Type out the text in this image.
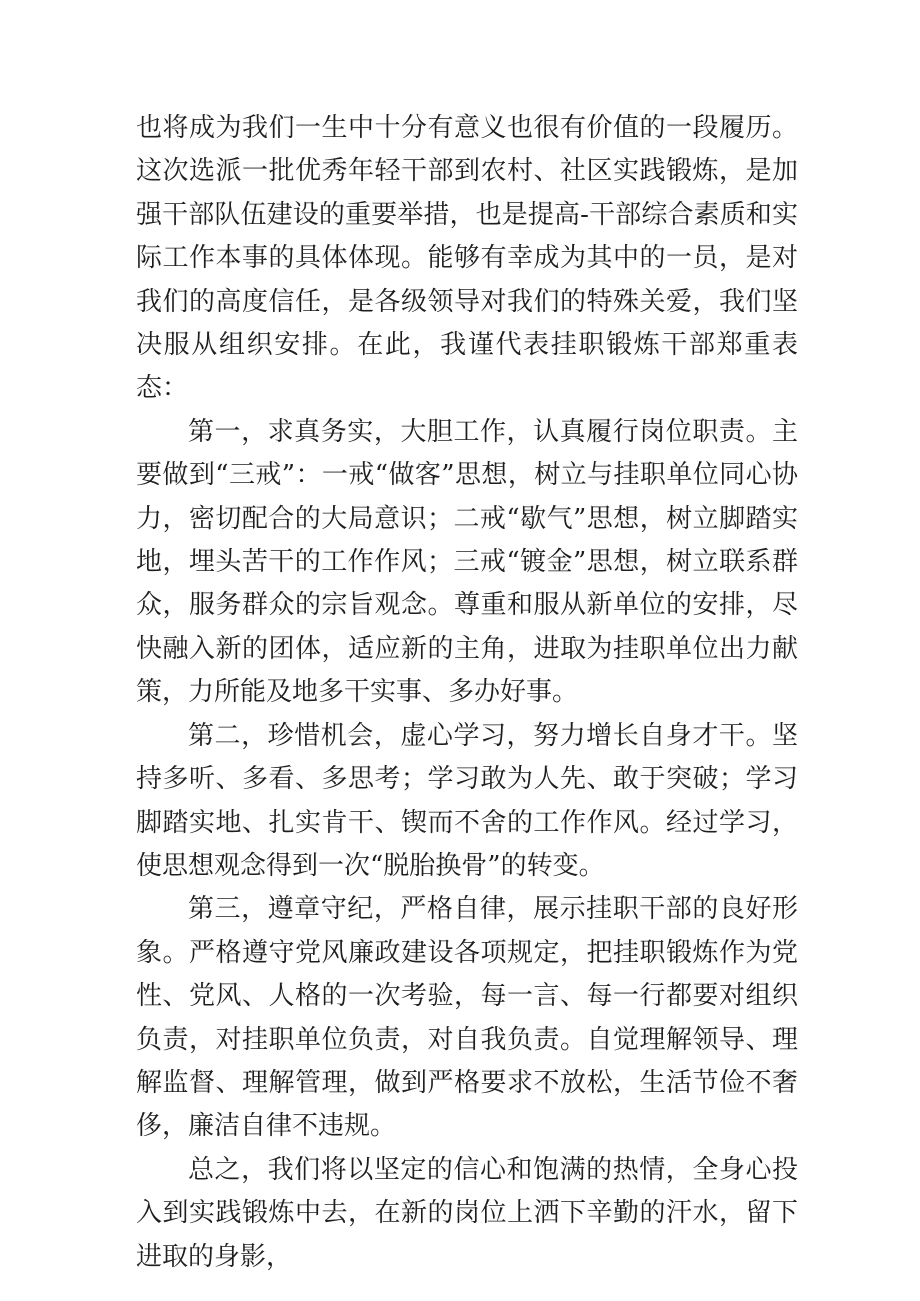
也将成为我们一生中十分有意义也很有价值的一段履历。这次选派一批优秀年轻干部到农村、社区实践锻炼，是加强干部队伍建设的重要举措，也是提高-干部综合素质和实际工作本事的具体体现。能够有幸成为其中的一员，是对我们的高度信任，是各级领导对我们的特殊关爱，我们坚决服从组织安排。在此，我谨代表挂职锻炼干部郑重表态：

第一，求真务实，大胆工作，认真履行岗位职责。主要做到“三戒”：一戒“做客”思想，树立与挂职单位同心协力，密切配合的大局意识；二戒“歇气”思想，树立脚踏实地，埋头苦干的工作作风；三戒“镀金”思想，树立联系群众，服务群众的宗旨观念。尊重和服从新单位的安排，尽快融入新的团体，适应新的主角，进取为挂职单位出力献策，力所能及地多干实事、多办好事。

第二，珍惜机会，虚心学习，努力增长自身才干。坚持多听、多看、多思考；学习敢为人先、敢于突破；学习脚踏实地、扎实肯干、锲而不舍的工作作风。经过学习，使思想观念得到一次“脱胎换骨”的转变。

第三，遵章守纪，严格自律，展示挂职干部的良好形象。严格遵守党风廉政建设各项规定，把挂职锻炼作为党性、党风、人格的一次考验，每一言、每一行都要对组织负责，对挂职单位负责，对自我负责。自觉理解领导、理解监督、理解管理，做到严格要求不放松，生活节俭不奢侈，廉洁自律不违规。

总之，我们将以坚定的信心和饱满的热情，全身心投入到实践锻炼中去，在新的岗位上洒下辛勤的汗水，留下进取的身影，
